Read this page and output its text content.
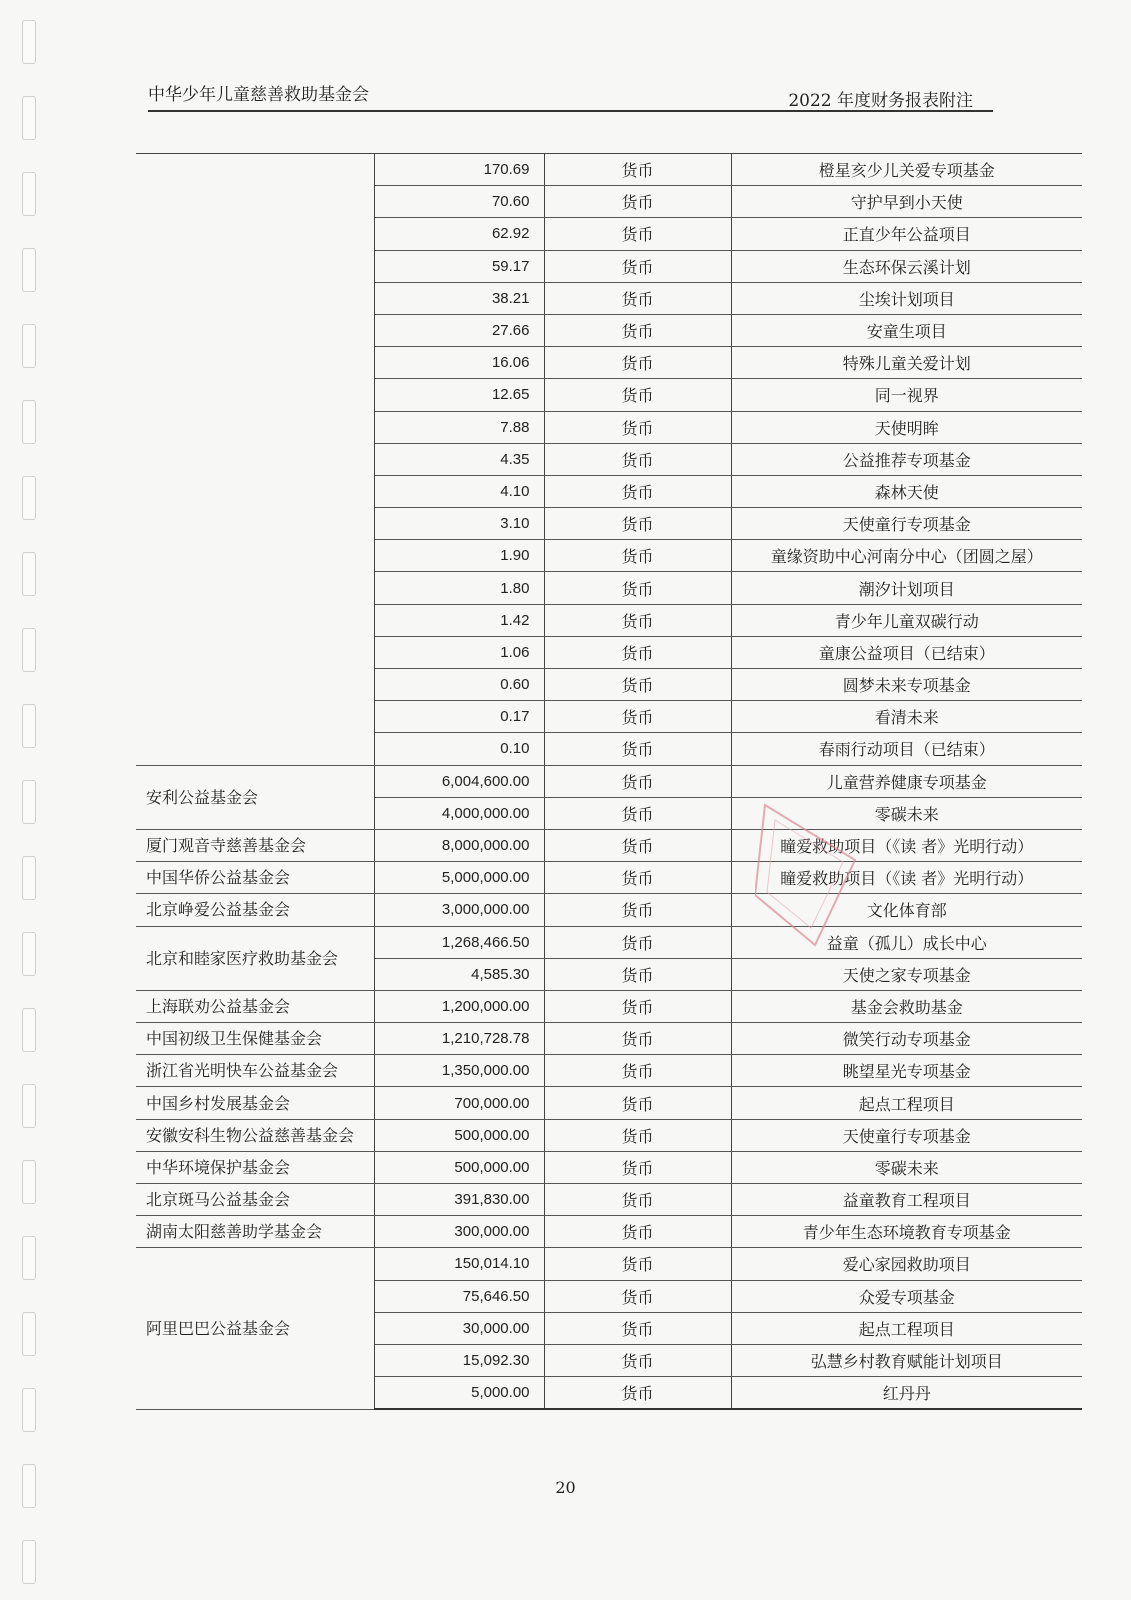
中华少年儿童慈善救助基金会	2022 年度财务报表附注
	170.69	货币	橙星亥少儿关爱专项基金
	70.60	货币	守护早到小天使
	62.92	货币	正直少年公益项目
	59.17	货币	生态环保云溪计划
	38.21	货币	尘埃计划项目
	27.66	货币	安童生项目
	16.06	货币	特殊儿童关爱计划
	12.65	货币	同一视界
	7.88	货币	天使明眸
	4.35	货币	公益推荐专项基金
	4.10	货币	森林天使
	3.10	货币	天使童行专项基金
	1.90	货币	童缘资助中心河南分中心（团圆之屋）
	1.80	货币	潮汐计划项目
	1.42	货币	青少年儿童双碳行动
	1.06	货币	童康公益项目（已结束）
	0.60	货币	圆梦未来专项基金
	0.17	货币	看清未来
	0.10	货币	春雨行动项目（已结束）
安利公益基金会	6,004,600.00	货币	儿童营养健康专项基金
	4,000,000.00	货币	零碳未来
厦门观音寺慈善基金会	8,000,000.00	货币	瞳爱救助项目（《读 者》光明行动）
中国华侨公益基金会	5,000,000.00	货币	瞳爱救助项目（《读 者》光明行动）
北京峥爱公益基金会	3,000,000.00	货币	文化体育部
北京和睦家医疗救助基金会	1,268,466.50	货币	益童（孤儿）成长中心
	4,585.30	货币	天使之家专项基金
上海联劝公益基金会	1,200,000.00	货币	基金会救助基金
中国初级卫生保健基金会	1,210,728.78	货币	微笑行动专项基金
浙江省光明快车公益基金会	1,350,000.00	货币	眺望星光专项基金
中国乡村发展基金会	700,000.00	货币	起点工程项目
安徽安科生物公益慈善基金会	500,000.00	货币	天使童行专项基金
中华环境保护基金会	500,000.00	货币	零碳未来
北京斑马公益基金会	391,830.00	货币	益童教育工程项目
湖南太阳慈善助学基金会	300,000.00	货币	青少年生态环境教育专项基金
阿里巴巴公益基金会	150,014.10	货币	爱心家园救助项目
	75,646.50	货币	众爱专项基金
	30,000.00	货币	起点工程项目
	15,092.30	货币	弘慧乡村教育赋能计划项目
	5,000.00	货币	红丹丹
20
